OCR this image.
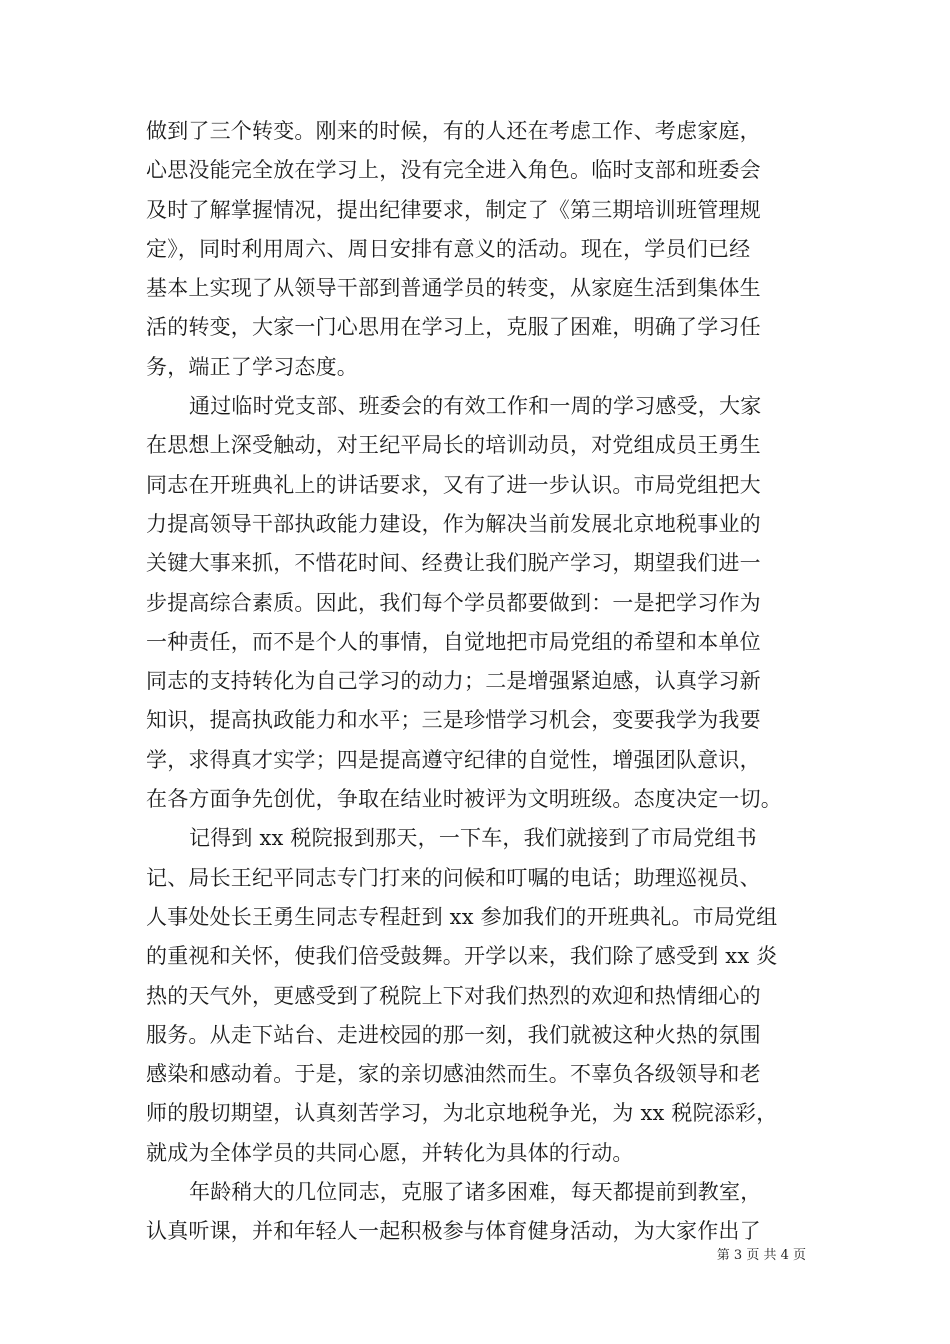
做到了三个转变。刚来的时候，有的人还在考虑工作、考虑家庭，
心思没能完全放在学习上，没有完全进入角色。临时支部和班委会
及时了解掌握情况，提出纪律要求，制定了《第三期培训班管理规
定》，同时利用周六、周日安排有意义的活动。现在，学员们已经
基本上实现了从领导干部到普通学员的转变，从家庭生活到集体生
活的转变，大家一门心思用在学习上，克服了困难，明确了学习任
务，端正了学习态度。
通过临时党支部、班委会的有效工作和一周的学习感受，大家
在思想上深受触动，对王纪平局长的培训动员，对党组成员王勇生
同志在开班典礼上的讲话要求，又有了进一步认识。市局党组把大
力提高领导干部执政能力建设，作为解决当前发展北京地税事业的
关键大事来抓，不惜花时间、经费让我们脱产学习，期望我们进一
步提高综合素质。因此，我们每个学员都要做到：一是把学习作为
一种责任，而不是个人的事情，自觉地把市局党组的希望和本单位
同志的支持转化为自己学习的动力；二是增强紧迫感，认真学习新
知识，提高执政能力和水平；三是珍惜学习机会，变要我学为我要
学，求得真才实学；四是提高遵守纪律的自觉性，增强团队意识，
在各方面争先创优，争取在结业时被评为文明班级。态度决定一切。
记得到 xx 税院报到那天，一下车，我们就接到了市局党组书
记、局长王纪平同志专门打来的问候和叮嘱的电话；助理巡视员、
人事处处长王勇生同志专程赶到 xx 参加我们的开班典礼。市局党组
的重视和关怀，使我们倍受鼓舞。开学以来，我们除了感受到 xx 炎
热的天气外，更感受到了税院上下对我们热烈的欢迎和热情细心的
服务。从走下站台、走进校园的那一刻，我们就被这种火热的氛围
感染和感动着。于是，家的亲切感油然而生。不辜负各级领导和老
师的殷切期望，认真刻苦学习，为北京地税争光，为 xx 税院添彩，
就成为全体学员的共同心愿，并转化为具体的行动。
年龄稍大的几位同志，克服了诸多困难，每天都提前到教室，
认真听课，并和年轻人一起积极参与体育健身活动，为大家作出了
第 3 页 共 4 页
